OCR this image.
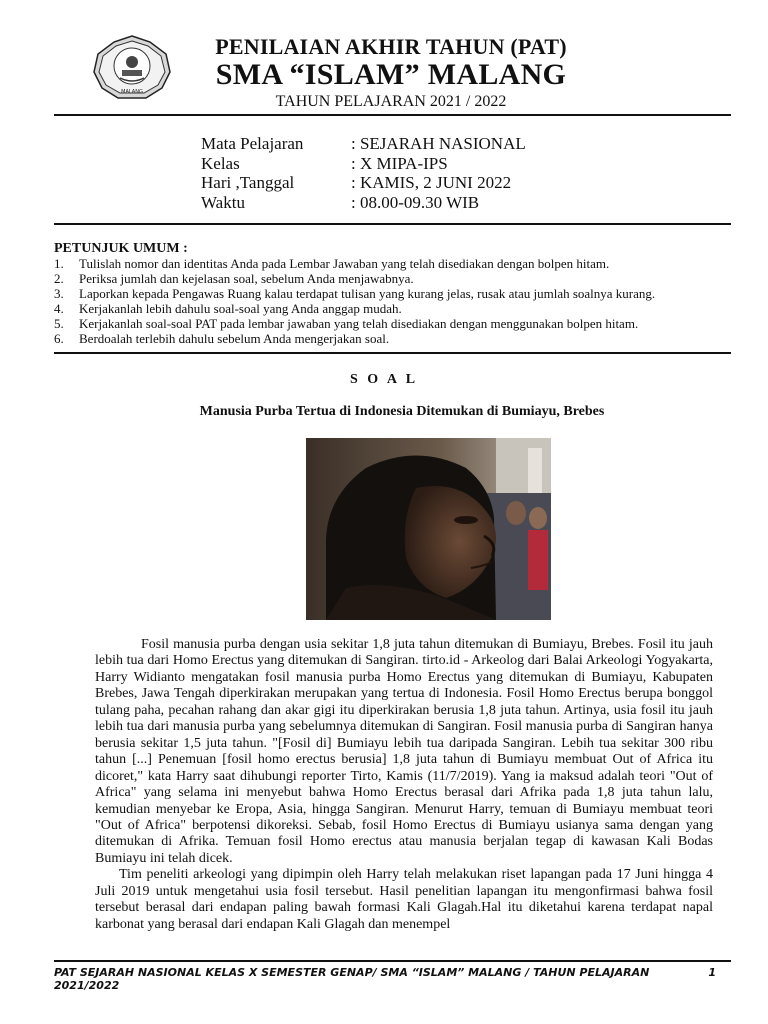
MALANG
PENILAIAN AKHIR TAHUN (PAT)
SMA “ISLAM” MALANG
TAHUN PELAJARAN 2021 / 2022
Mata Pelajaran	: SEJARAH NASIONAL
Kelas	: X MIPA-IPS
Hari ,Tanggal	: KAMIS, 2 JUNI 2022
Waktu	: 08.00-09.30 WIB
PETUNJUK UMUM :
1.	Tulislah nomor dan identitas Anda pada Lembar Jawaban yang telah disediakan dengan bolpen hitam.
2.	Periksa jumlah dan kejelasan soal, sebelum Anda menjawabnya.
3.	Laporkan kepada Pengawas Ruang kalau terdapat tulisan yang kurang jelas, rusak atau jumlah soalnya kurang.
4.	Kerjakanlah lebih dahulu soal-soal yang Anda anggap mudah.
5.	Kerjakanlah soal-soal PAT pada lembar jawaban yang telah disediakan dengan menggunakan bolpen hitam.
6.	Berdoalah terlebih dahulu sebelum Anda mengerjakan soal.
S O A L
Manusia Purba Tertua di Indonesia Ditemukan di Bumiayu, Brebes

Fosil manusia purba dengan usia sekitar 1,8 juta tahun ditemukan di Bumiayu, Brebes. Fosil itu jauh lebih tua dari Homo Erectus yang ditemukan di Sangiran. tirto.id - Arkeolog dari Balai Arkeologi Yogyakarta, Harry Widianto mengatakan fosil manusia purba Homo Erectus yang ditemukan di Bumiayu, Kabupaten Brebes, Jawa Tengah diperkirakan merupakan yang tertua di Indonesia. Fosil Homo Erectus berupa bonggol tulang paha, pecahan rahang dan akar gigi itu diperkirakan berusia 1,8 juta tahun. Artinya, usia fosil itu jauh lebih tua dari manusia purba yang sebelumnya ditemukan di Sangiran. Fosil manusia purba di Sangiran hanya berusia sekitar 1,5 juta tahun. "[Fosil di] Bumiayu lebih tua daripada Sangiran. Lebih tua sekitar 300 ribu tahun [...] Penemuan [fosil homo erectus berusia] 1,8 juta tahun di Bumiayu membuat Out of Africa itu dicoret," kata Harry saat dihubungi reporter Tirto, Kamis (11/7/2019). Yang ia maksud adalah teori "Out of Africa" yang selama ini menyebut bahwa Homo Erectus berasal dari Afrika pada 1,8 juta tahun lalu, kemudian menyebar ke Eropa, Asia, hingga Sangiran. Menurut Harry, temuan di Bumiayu membuat teori "Out of Africa" berpotensi dikoreksi. Sebab, fosil Homo Erectus di Bumiayu usianya sama dengan yang ditemukan di Afrika. Temuan fosil Homo erectus atau manusia berjalan tegap di kawasan Kali Bodas Bumiayu ini telah dicek.

Tim peneliti arkeologi yang dipimpin oleh Harry telah melakukan riset lapangan pada 17 Juni hingga 4 Juli 2019 untuk mengetahui usia fosil tersebut. Hasil penelitian lapangan itu mengonfirmasi bahwa fosil tersebut berasal dari endapan paling bawah formasi Kali Glagah.Hal itu diketahui karena terdapat napal karbonat yang berasal dari endapan Kali Glagah dan menempel

PAT SEJARAH NASIONAL KELAS X SEMESTER GENAP/ SMA “ISLAM” MALANG / TAHUN PELAJARAN 2021/2022
1
